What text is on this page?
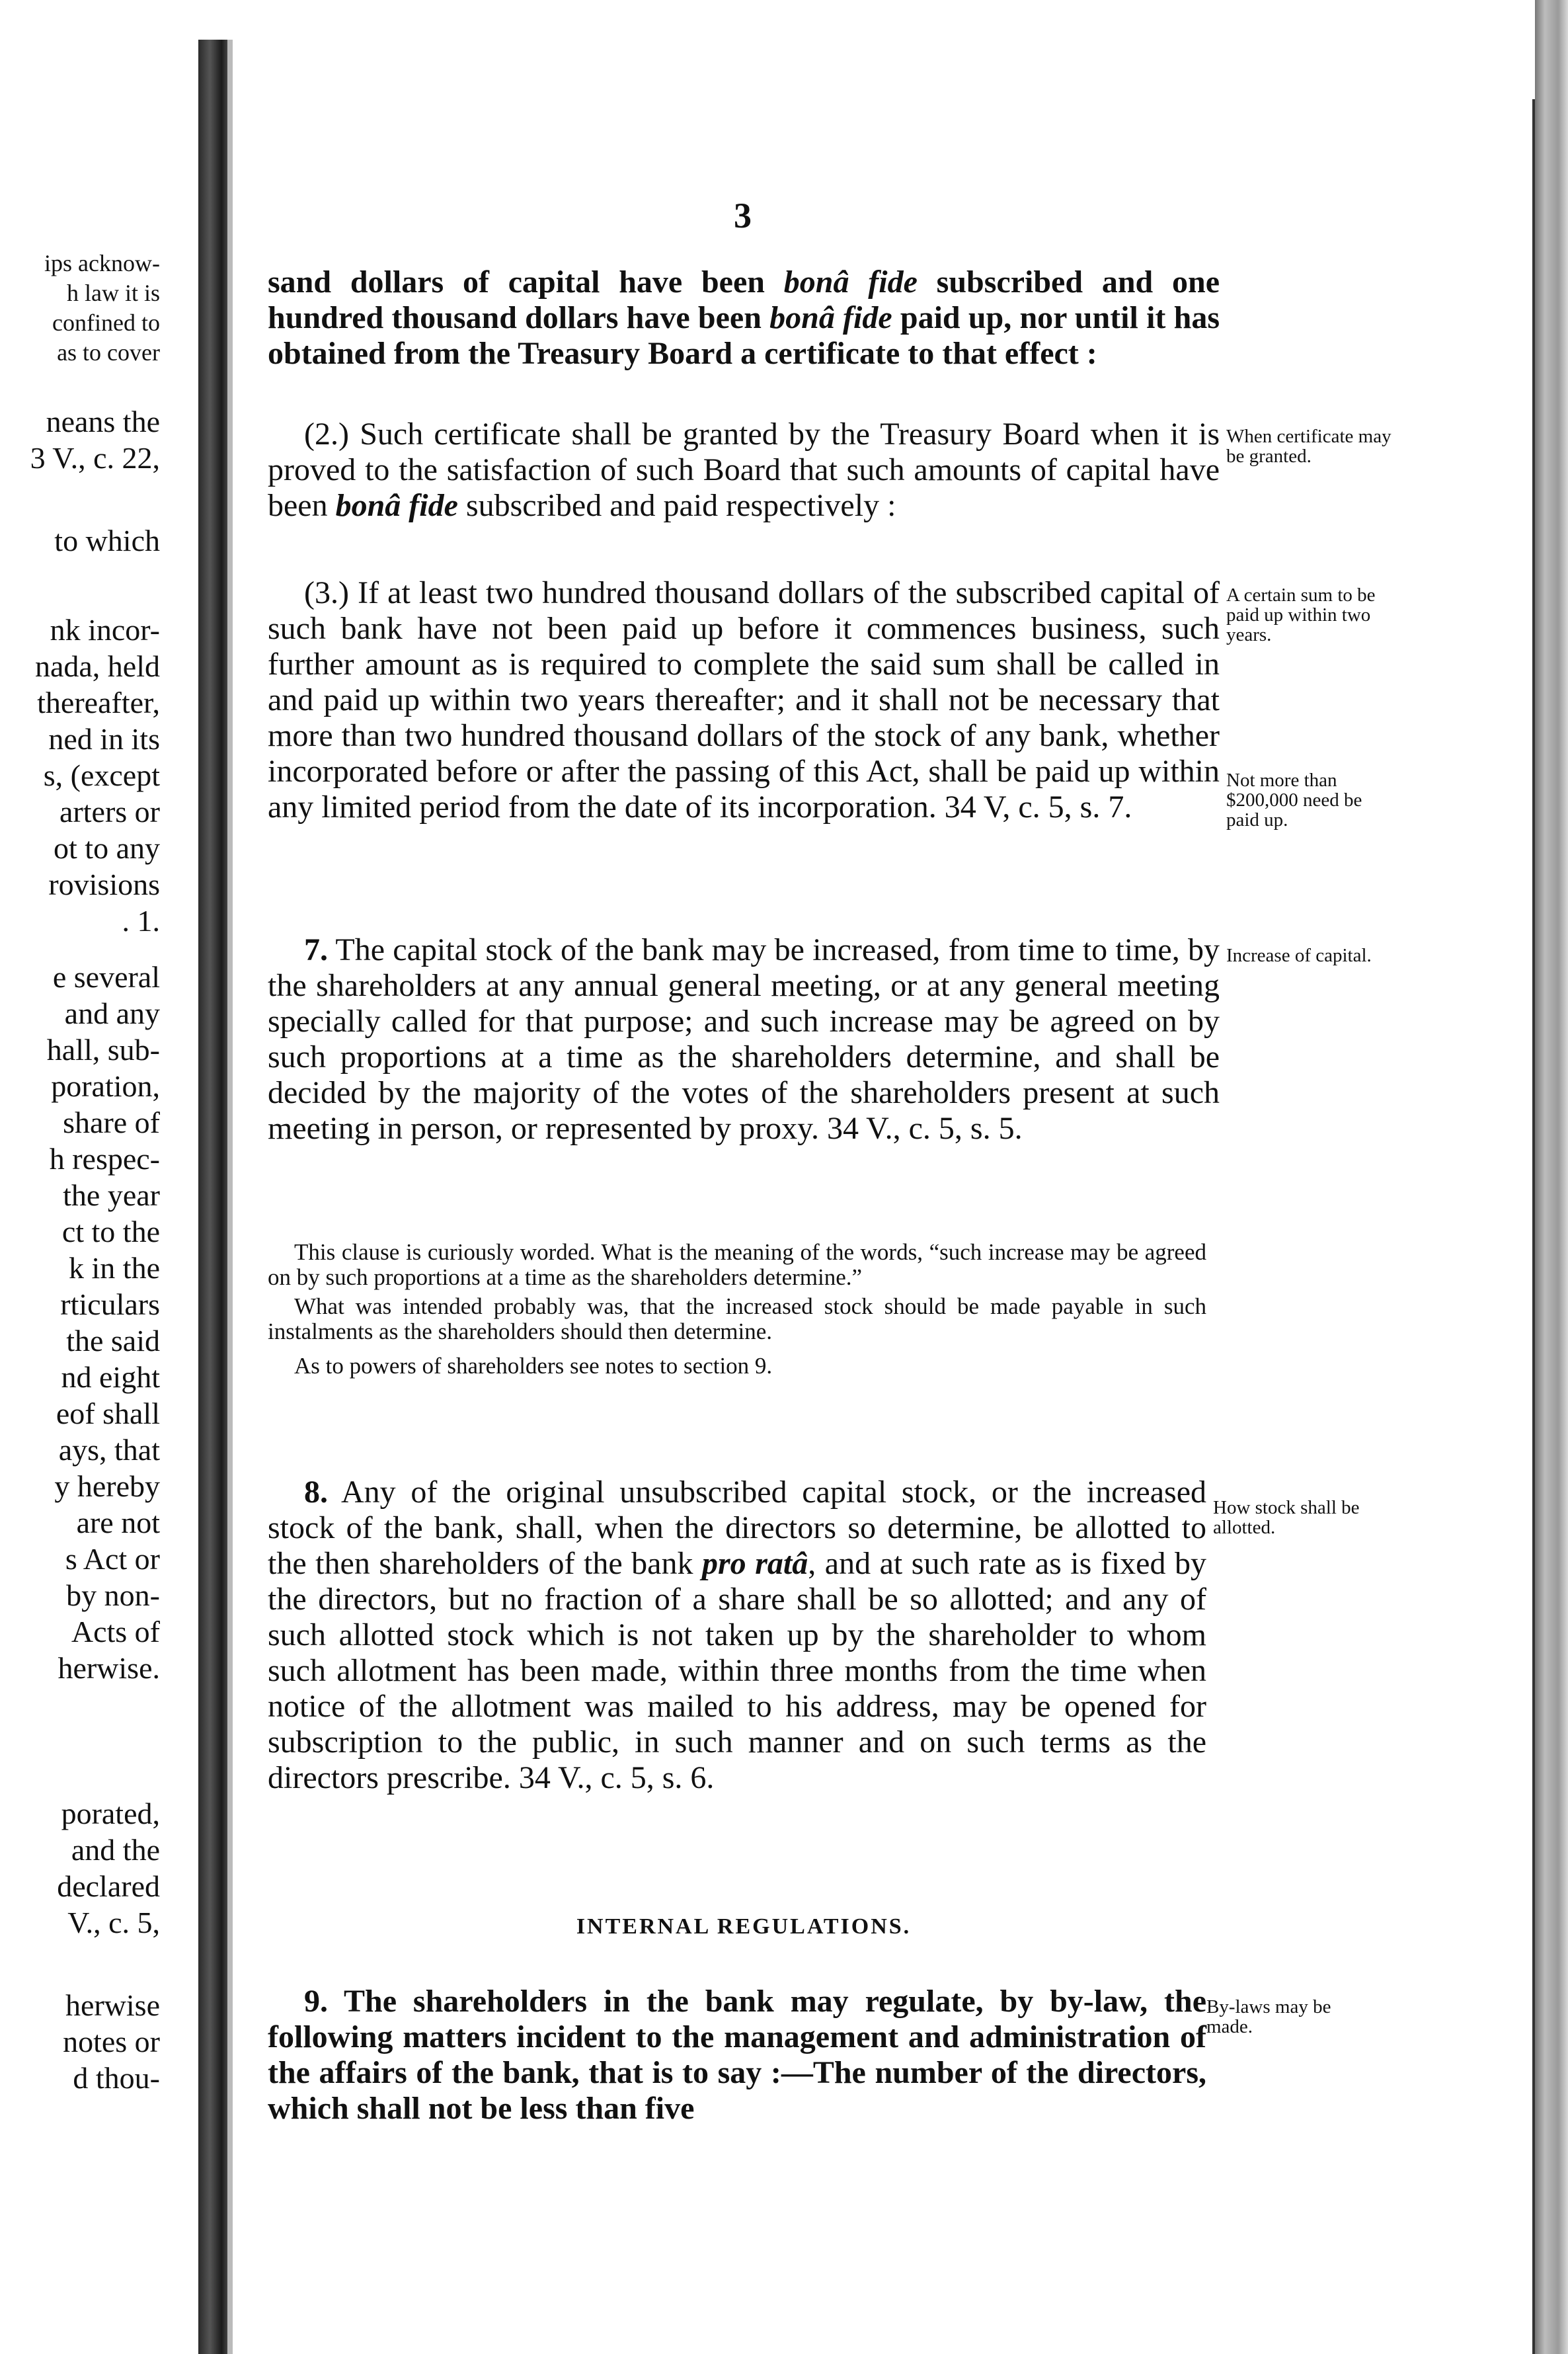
ips acknow-
h law it is
confined to
as to cover
neans the
3 V., c. 22,
to which
nk incor-
nada, held
thereafter,
ned in its
s, (except
arters or
ot to any
rovisions
. 1.
e several
and any
hall, sub-
poration,
share of
h respec-
the year
ct to the
k in the
rticulars
the said
nd eight
eof shall
ays, that
y hereby
are not
s Act or
by non-
Acts of
herwise.
porated,
and the
declared
V., c. 5,
herwise
notes or
d thou-
3

sand dollars of capital have been bonâ fide subscribed and one hundred thousand dollars have been bonâ fide paid up, nor until it has obtained from the Treasury Board a certificate to that effect :

(2.) Such certificate shall be granted by the Treasury Board when it is proved to the satisfaction of such Board that such amounts of capital have been bonâ fide subscribed and paid respectively :

(3.) If at least two hundred thousand dollars of the subscribed capital of such bank have not been paid up before it commences business, such further amount as is required to complete the said sum shall be called in and paid up within two years thereafter; and it shall not be necessary that more than two hundred thousand dollars of the stock of any bank, whether incorporated before or after the passing of this Act, shall be paid up within any limited period from the date of its incorporation. 34 V, c. 5, s. 7.

7. The capital stock of the bank may be increased, from time to time, by the shareholders at any annual general meeting, or at any general meeting specially called for that purpose; and such increase may be agreed on by such proportions at a time as the shareholders determine, and shall be decided by the majority of the votes of the shareholders present at such meeting in person, or represented by proxy. 34 V., c. 5, s. 5.

This clause is curiously worded. What is the meaning of the words, “such increase may be agreed on by such proportions at a time as the shareholders determine.”

What was intended probably was, that the increased stock should be made payable in such instalments as the shareholders should then determine.

As to powers of shareholders see notes to section 9.

8. Any of the original unsubscribed capital stock, or the increased stock of the bank, shall, when the directors so determine, be allotted to the then shareholders of the bank pro ratâ, and at such rate as is fixed by the directors, but no fraction of a share shall be so allotted; and any of such allotted stock which is not taken up by the shareholder to whom such allotment has been made, within three months from the time when notice of the allotment was mailed to his address, may be opened for subscription to the public, in such manner and on such terms as the directors prescribe. 34 V., c. 5, s. 6.

INTERNAL REGULATIONS.

9. The shareholders in the bank may regulate, by by-law, the following matters incident to the management and administration of the affairs of the bank, that is to say :—The number of the directors, which shall not be less than five

When certificate may be granted.
A certain sum to be paid up within two years.
Not more than $200,000 need be paid up.
Increase of capital.
How stock shall be allotted.
By-laws may be made.
